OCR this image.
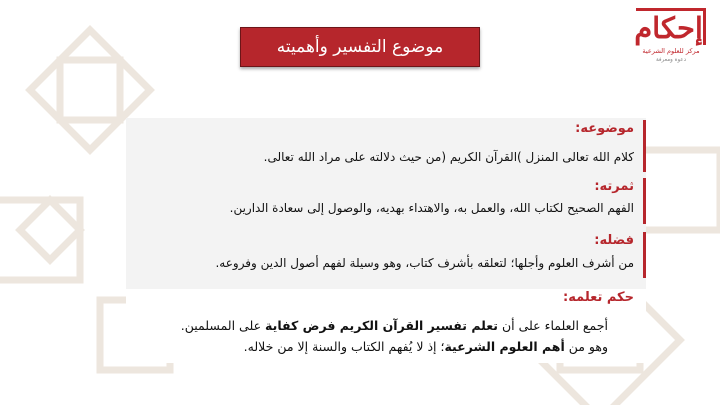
موضوع التفسير وأهميته
إحكام
مركز للعلوم الشرعية
دعوة ومعرفة
موضوعه:
كلام الله تعالى المنزل )القرآن الكريم (من حيث دلالته على مراد الله تعالى.
ثمرته:
الفهم الصحيح لكتاب الله، والعمل به، والاهتداء بهديه، والوصول إلى سعادة الدارين.
فضله:
من أشرف العلوم وأجلها؛ لتعلقه بأشرف كتاب، وهو وسيلة لفهم أصول الدين وفروعه.
حكم تعلمه:
أجمع العلماء على أن تعلم تفسير القرآن الكريم فرض كفاية على المسلمين.
وهو من أهم العلوم الشرعية؛ إذ لا يُفهم الكتاب والسنة إلا من خلاله.
